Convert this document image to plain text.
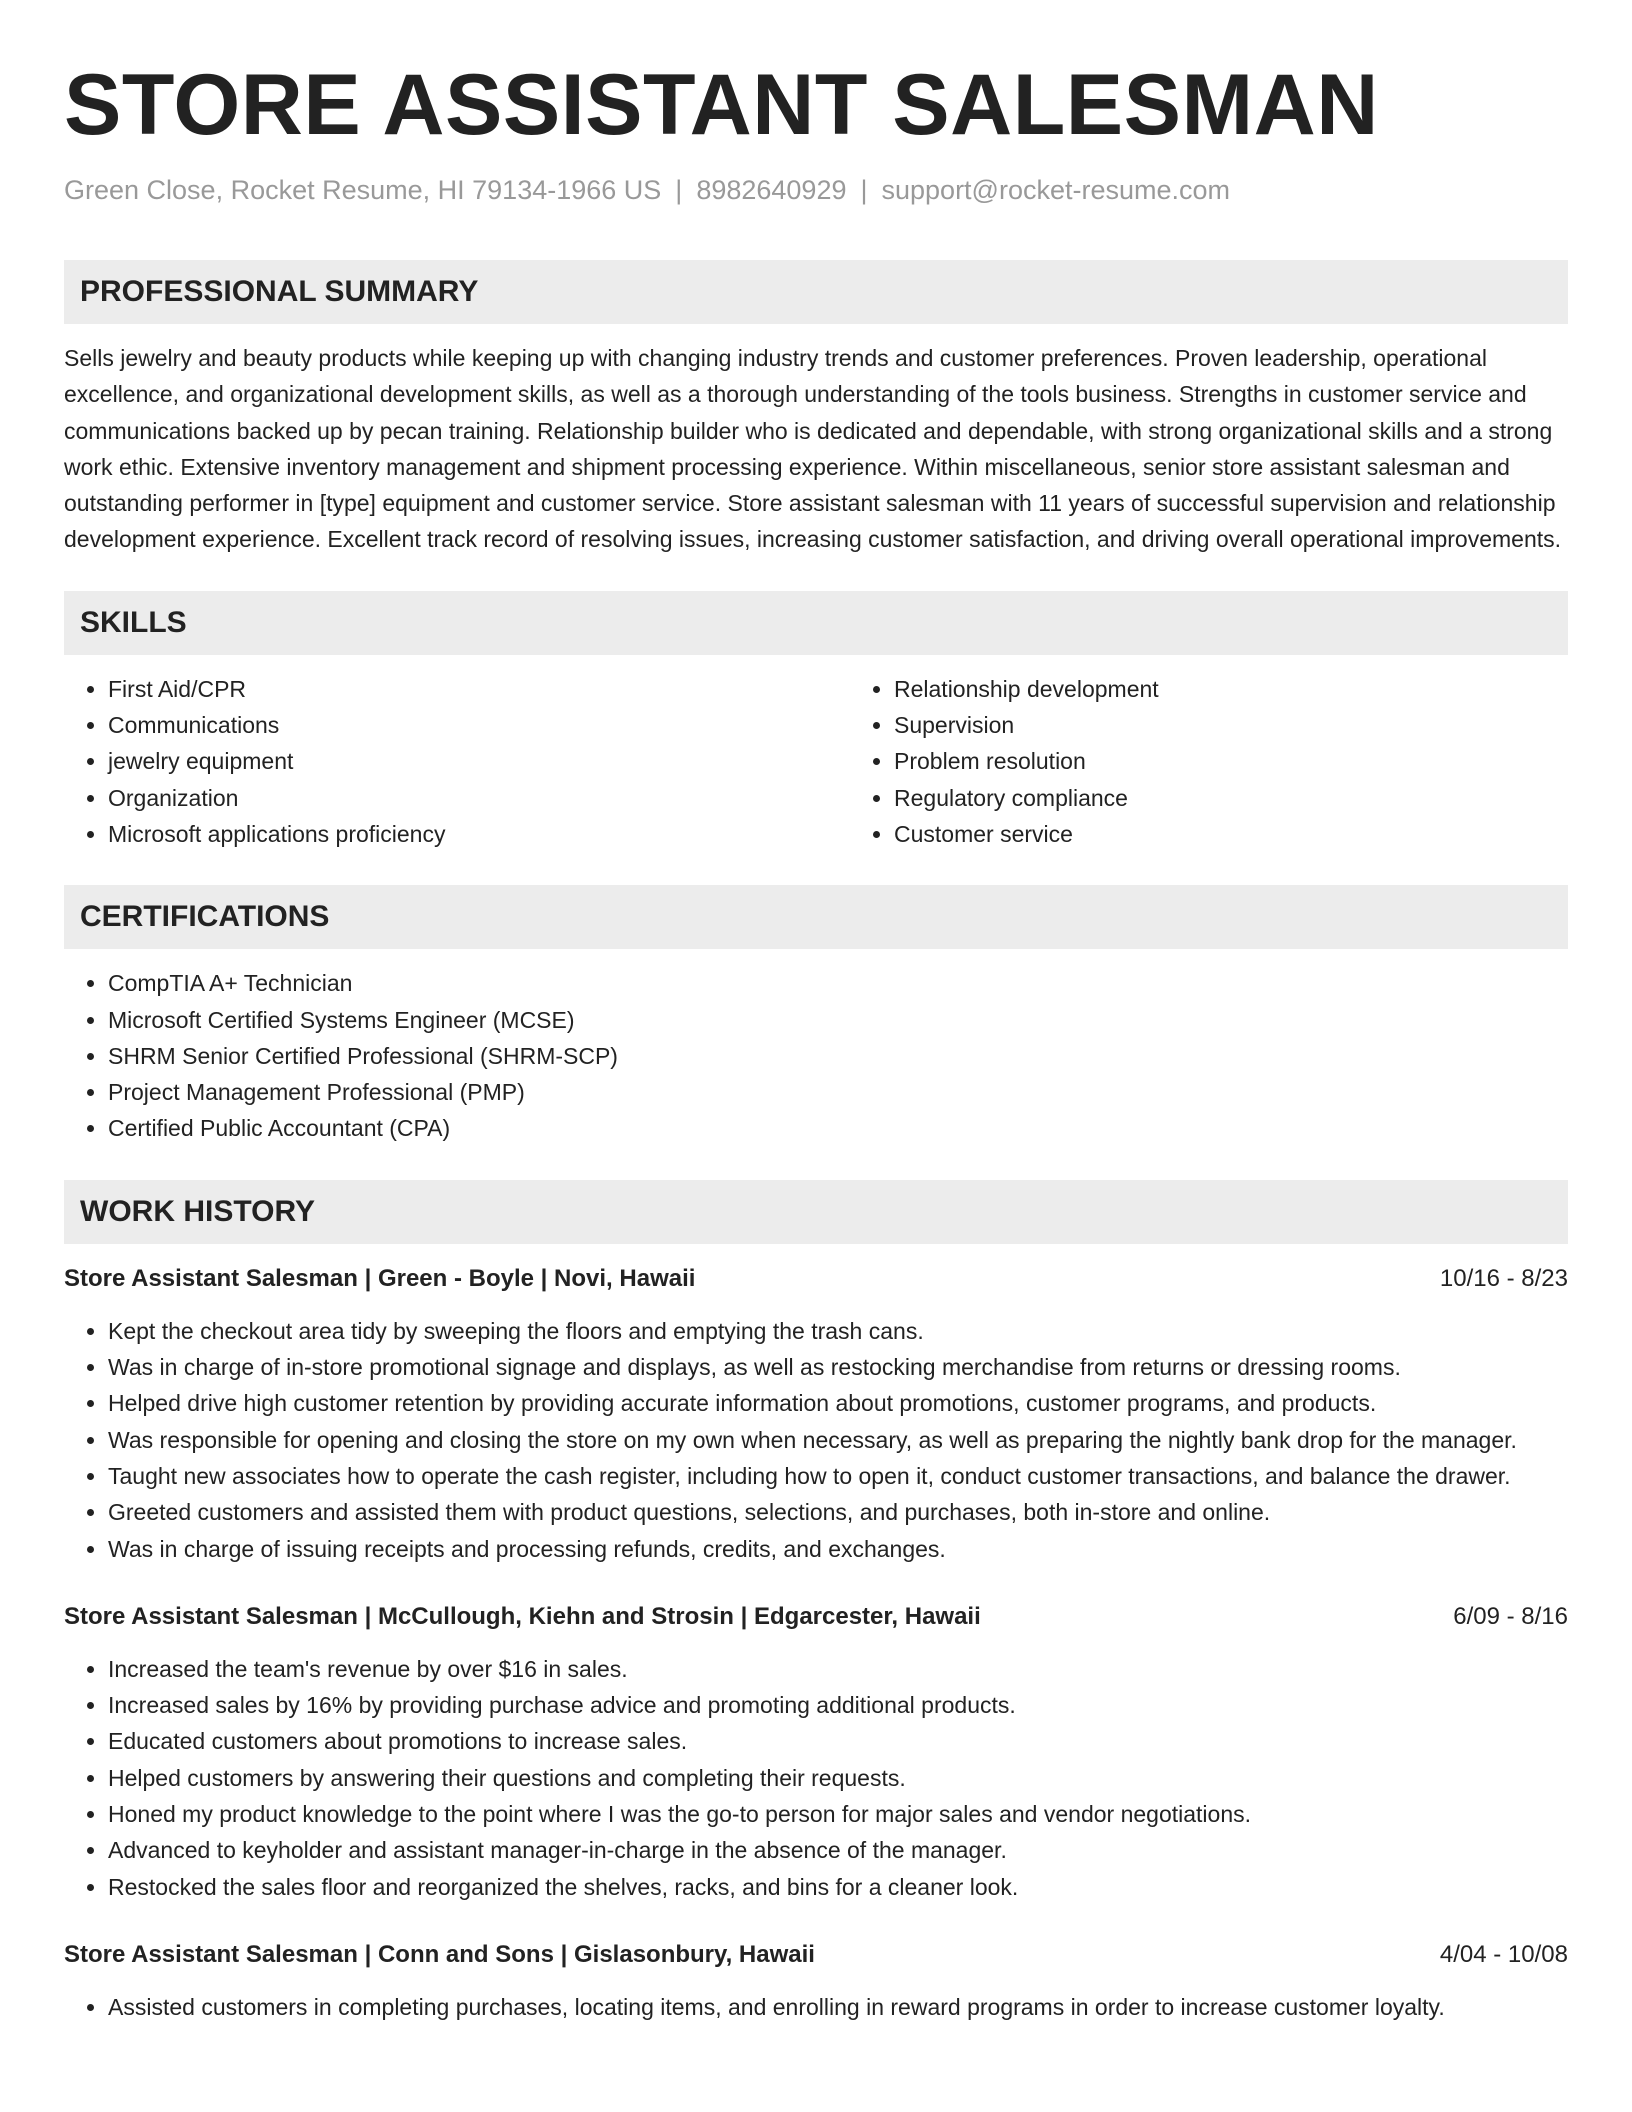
STORE ASSISTANT SALESMAN
Green Close, Rocket Resume, HI 79134-1966 US | 8982640929 | support@rocket-resume.com
PROFESSIONAL SUMMARY

Sells jewelry and beauty products while keeping up with changing industry trends and customer preferences. Proven leadership, operational excellence, and organizational development skills, as well as a thorough understanding of the tools business. Strengths in customer service and communications backed up by pecan training. Relationship builder who is dedicated and dependable, with strong organizational skills and a strong work ethic. Extensive inventory management and shipment processing experience. Within miscellaneous, senior store assistant salesman and outstanding performer in [type] equipment and customer service. Store assistant salesman with 11 years of successful supervision and relationship development experience. Excellent track record of resolving issues, increasing customer satisfaction, and driving overall operational improvements.

SKILLS
• First Aid/CPR
• Communications
• jewelry equipment
• Organization
• Microsoft applications proficiency
• Relationship development
• Supervision
• Problem resolution
• Regulatory compliance
• Customer service
CERTIFICATIONS
• CompTIA A+ Technician
• Microsoft Certified Systems Engineer (MCSE)
• SHRM Senior Certified Professional (SHRM-SCP)
• Project Management Professional (PMP)
• Certified Public Accountant (CPA)
WORK HISTORY
Store Assistant Salesman | Green - Boyle | Novi, Hawaii	10/16 - 8/23
• Kept the checkout area tidy by sweeping the floors and emptying the trash cans.
• Was in charge of in-store promotional signage and displays, as well as restocking merchandise from returns or dressing rooms.
• Helped drive high customer retention by providing accurate information about promotions, customer programs, and products.
• Was responsible for opening and closing the store on my own when necessary, as well as preparing the nightly bank drop for the manager.
• Taught new associates how to operate the cash register, including how to open it, conduct customer transactions, and balance the drawer.
• Greeted customers and assisted them with product questions, selections, and purchases, both in-store and online.
• Was in charge of issuing receipts and processing refunds, credits, and exchanges.
Store Assistant Salesman | McCullough, Kiehn and Strosin | Edgarcester, Hawaii	6/09 - 8/16
• Increased the team's revenue by over $16 in sales.
• Increased sales by 16% by providing purchase advice and promoting additional products.
• Educated customers about promotions to increase sales.
• Helped customers by answering their questions and completing their requests.
• Honed my product knowledge to the point where I was the go-to person for major sales and vendor negotiations.
• Advanced to keyholder and assistant manager-in-charge in the absence of the manager.
• Restocked the sales floor and reorganized the shelves, racks, and bins for a cleaner look.
Store Assistant Salesman | Conn and Sons | Gislasonbury, Hawaii	4/04 - 10/08
• Assisted customers in completing purchases, locating items, and enrolling in reward programs in order to increase customer loyalty.
